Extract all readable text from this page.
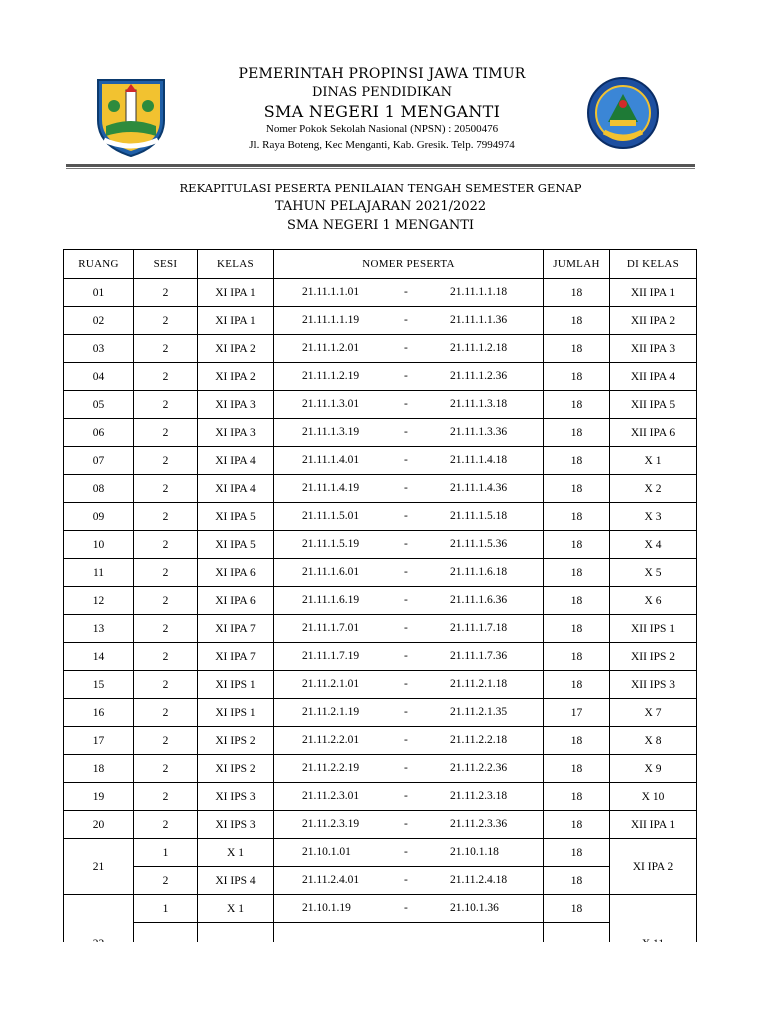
PEMERINTAH PROPINSI JAWA TIMUR
DINAS PENDIDIKAN
SMA NEGERI 1 MENGANTI
Nomer Pokok Sekolah Nasional (NPSN) : 20500476
Jl. Raya Boteng, Kec Menganti, Kab. Gresik. Telp. 7994974
REKAPITULASI PESERTA PENILAIAN TENGAH SEMESTER GENAP
TAHUN PELAJARAN 2021/2022
SMA NEGERI 1 MENGANTI
RUANG	SESI	KELAS	NOMER PESERTA	JUMLAH	DI KELAS
01	2	XI IPA 1	21.11.1.1.01 - 21.11.1.1.18	18	XII IPA 1
02	2	XI IPA 1	21.11.1.1.19 - 21.11.1.1.36	18	XII IPA 2
03	2	XI IPA 2	21.11.1.2.01 - 21.11.1.2.18	18	XII IPA 3
04	2	XI IPA 2	21.11.1.2.19 - 21.11.1.2.36	18	XII IPA 4
05	2	XI IPA 3	21.11.1.3.01 - 21.11.1.3.18	18	XII IPA 5
06	2	XI IPA 3	21.11.1.3.19 - 21.11.1.3.36	18	XII IPA 6
07	2	XI IPA 4	21.11.1.4.01 - 21.11.1.4.18	18	X 1
08	2	XI IPA 4	21.11.1.4.19 - 21.11.1.4.36	18	X 2
09	2	XI IPA 5	21.11.1.5.01 - 21.11.1.5.18	18	X 3
10	2	XI IPA 5	21.11.1.5.19 - 21.11.1.5.36	18	X 4
11	2	XI IPA 6	21.11.1.6.01 - 21.11.1.6.18	18	X 5
12	2	XI IPA 6	21.11.1.6.19 - 21.11.1.6.36	18	X 6
13	2	XI IPA 7	21.11.1.7.01 - 21.11.1.7.18	18	XII IPS 1
14	2	XI IPA 7	21.11.1.7.19 - 21.11.1.7.36	18	XII IPS 2
15	2	XI IPS 1	21.11.2.1.01 - 21.11.2.1.18	18	XII IPS 3
16	2	XI IPS 1	21.11.2.1.19 - 21.11.2.1.35	17	X 7
17	2	XI IPS 2	21.11.2.2.01 - 21.11.2.2.18	18	X 8
18	2	XI IPS 2	21.11.2.2.19 - 21.11.2.2.36	18	X 9
19	2	XI IPS 3	21.11.2.3.01 - 21.11.2.3.18	18	X 10
20	2	XI IPS 3	21.11.2.3.19 - 21.11.2.3.36	18	XII IPA 1
21	1	X 1	21.10.1.01 - 21.10.1.18	18	XI IPA 2
	2	XI IPS 4	21.11.2.4.01 - 21.11.2.4.18	18	
	1	X 1	21.10.1.19 - 21.10.1.36	18	
